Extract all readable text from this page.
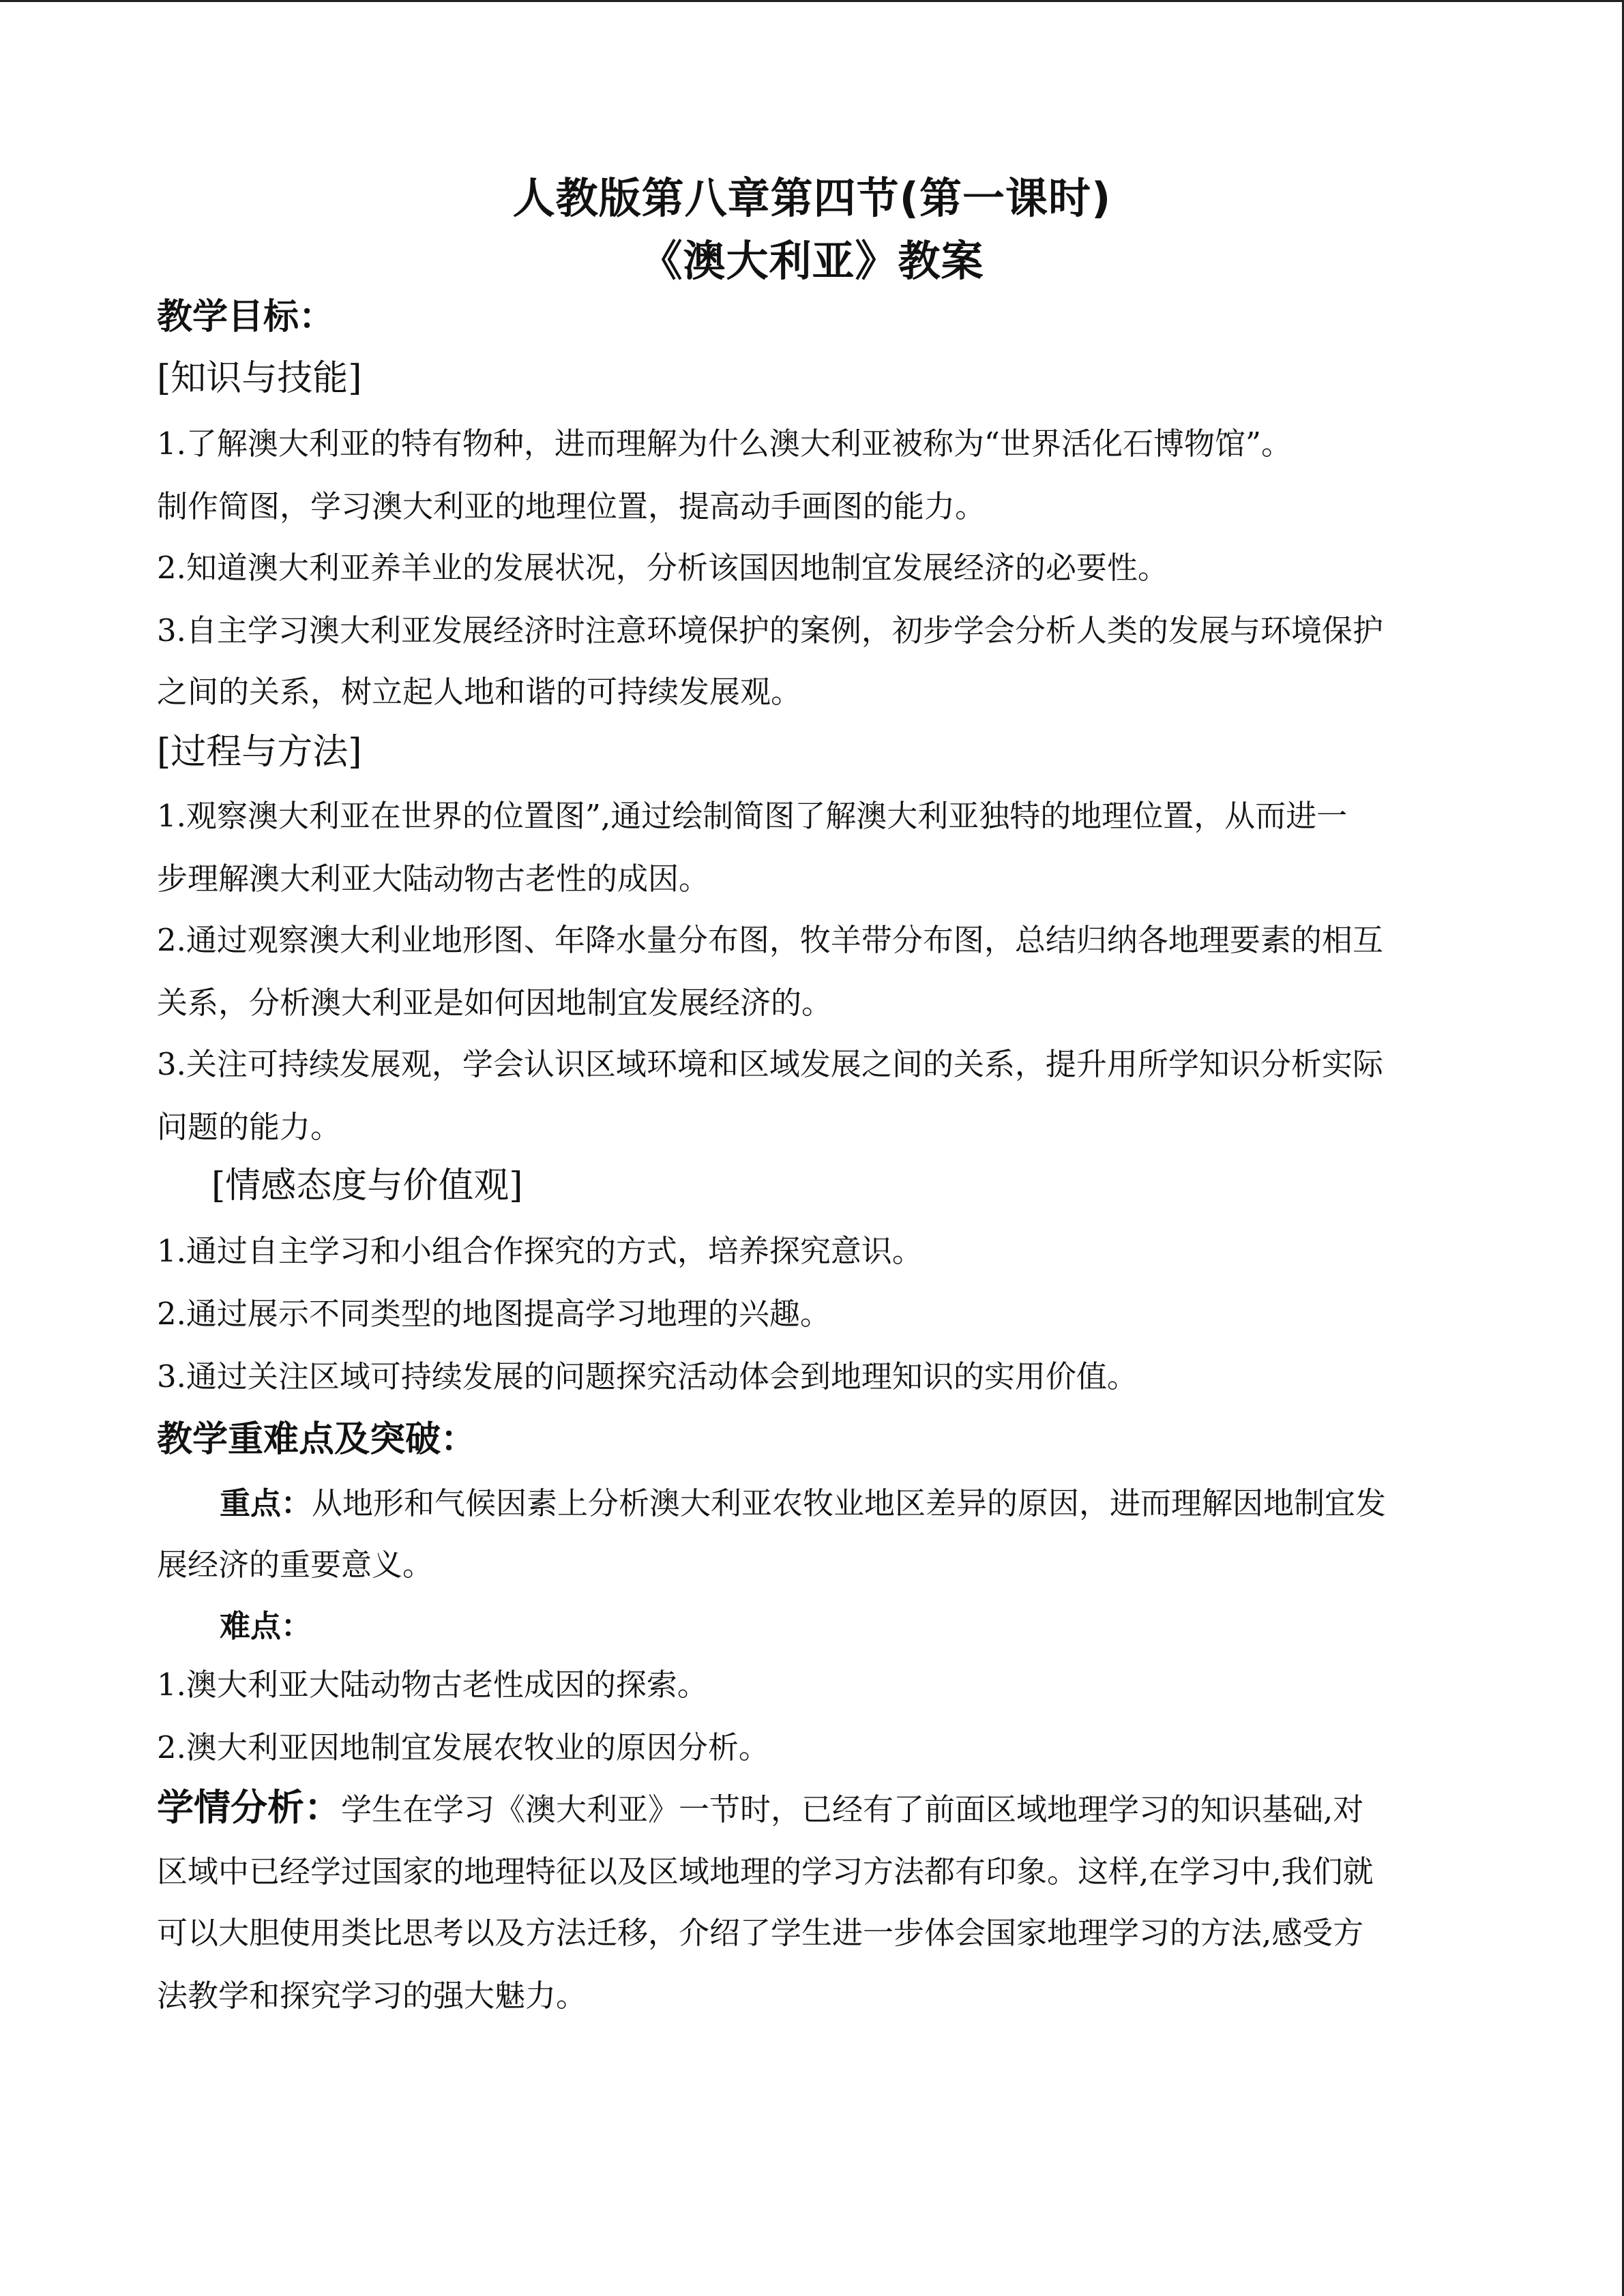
人教版第八章第四节(第一课时)
《澳大利亚》教案
教学目标：
[知识与技能]
1.了解澳大利亚的特有物种，进而理解为什么澳大利亚被称为“世界活化石博物馆”。
制作简图，学习澳大利亚的地理位置，提高动手画图的能力。
2.知道澳大利亚养羊业的发展状况，分析该国因地制宜发展经济的必要性。
3.自主学习澳大利亚发展经济时注意环境保护的案例，初步学会分析人类的发展与环境保护
之间的关系，树立起人地和谐的可持续发展观。
[过程与方法]
1.观察澳大利亚在世界的位置图”,通过绘制简图了解澳大利亚独特的地理位置，从而进一
步理解澳大利亚大陆动物古老性的成因。
2.通过观察澳大利业地形图、年降水量分布图，牧羊带分布图，总结归纳各地理要素的相互
关系，分析澳大利亚是如何因地制宜发展经济的。
3.关注可持续发展观，学会认识区域环境和区域发展之间的关系，提升用所学知识分析实际
问题的能力。
[情感态度与价值观]
1.通过自主学习和小组合作探究的方式，培养探究意识。
2.通过展示不同类型的地图提高学习地理的兴趣。
3.通过关注区域可持续发展的问题探究活动体会到地理知识的实用价值。
教学重难点及突破：
重点：从地形和气候因素上分析澳大利亚农牧业地区差异的原因，进而理解因地制宜发
展经济的重要意义。
难点：
1.澳大利亚大陆动物古老性成因的探索。
2.澳大利亚因地制宜发展农牧业的原因分析。
学情分析：学生在学习《澳大利亚》一节时，已经有了前面区域地理学习的知识基础,对
区域中已经学过国家的地理特征以及区域地理的学习方法都有印象。这样,在学习中,我们就
可以大胆使用类比思考以及方法迁移，介绍了学生进一步体会国家地理学习的方法,感受方
法教学和探究学习的强大魅力。
